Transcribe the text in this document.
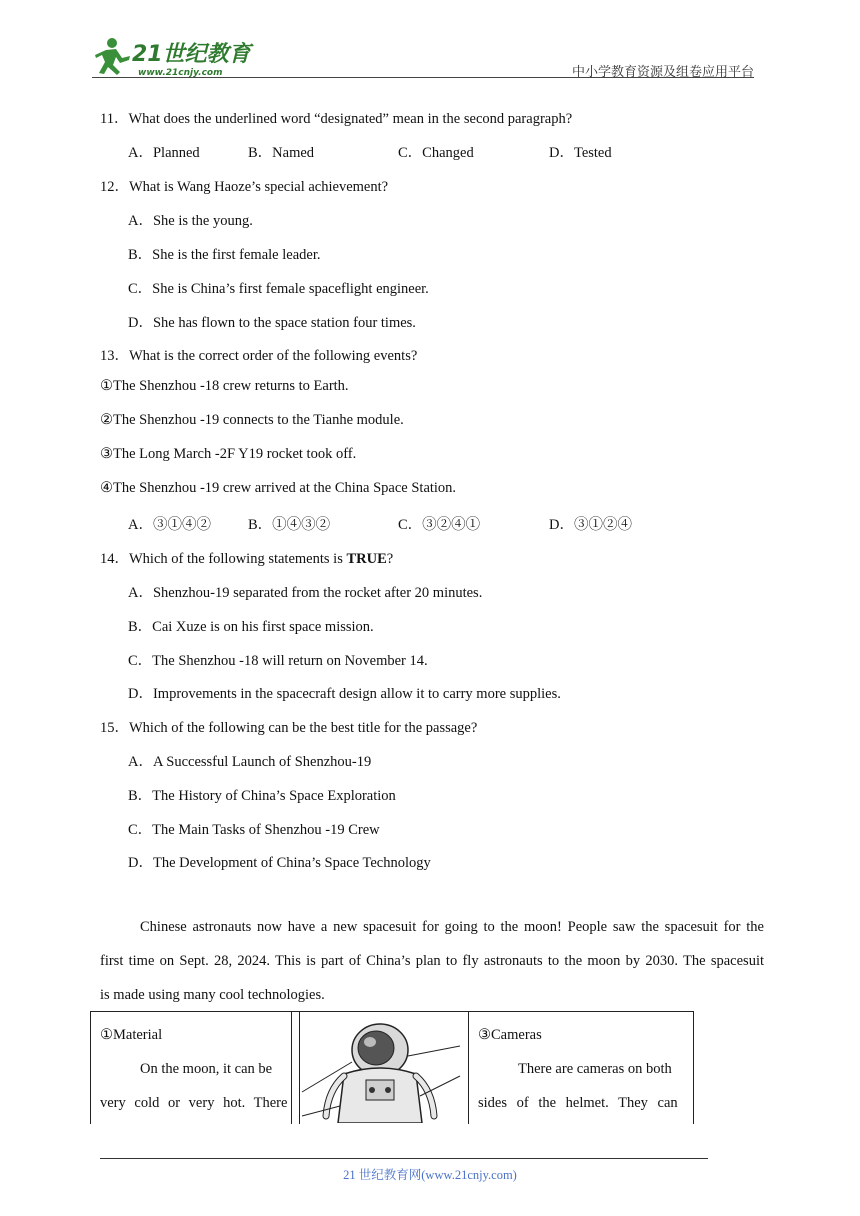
21世纪教育
www.21cnjy.com	中小学教育资源及组卷应用平台
11．What does the underlined word “designated” mean in the second paragraph?
A．Planned	B．Named	C．Changed	D．Tested
12．What is Wang Haoze’s special achievement?
A．She is the young.
B．She is the first female leader.
C．She is China’s first female spaceflight engineer.
D．She has flown to the space station four times.
13．What is the correct order of the following events?
①The Shenzhou -18 crew returns to Earth.
②The Shenzhou -19 connects to the Tianhe module.
③The Long March -2F Y19 rocket took off.
④The Shenzhou -19 crew arrived at the China Space Station.
A．③①④②	B．①④③②	C．③②④①	D．③①②④
14．Which of the following statements is TRUE?
A．Shenzhou-19 separated from the rocket after 20 minutes.
B．Cai Xuze is on his first space mission.
C．The Shenzhou -18 will return on November 14.
D．Improvements in the spacecraft design allow it to carry more supplies.
15．Which of the following can be the best title for the passage?
A．A Successful Launch of Shenzhou-19
B．The History of China’s Space Exploration
C．The Main Tasks of Shenzhou -19 Crew
D．The Development of China’s Space Technology
Chinese astronauts now have a new spacesuit for going to the moon! People saw the spacesuit for the
first time on Sept. 28, 2024. This is part of China’s plan to fly astronauts to the moon by 2030. The spacesuit
is made using many cool technologies.
①Material
On the moon, it can be
very cold or very hot. There
③Cameras
There are cameras on both
sides of the helmet. They can
21 世纪教育网(www.21cnjy.com)
